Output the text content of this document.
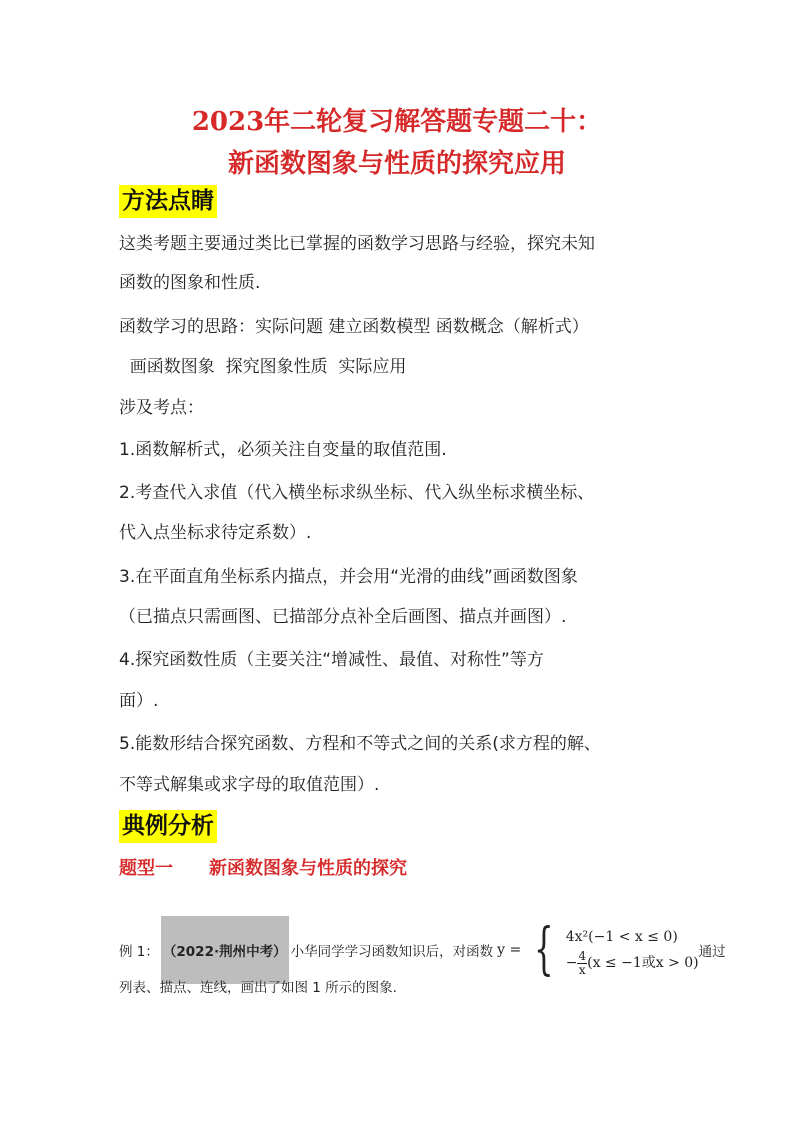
2023年二轮复习解答题专题二十：
新函数图象与性质的探究应用
方法点睛
这类考题主要通过类比已掌握的函数学习思路与经验，探究未知
函数的图象和性质.
函数学习的思路：实际问题 建立函数模型 函数概念（解析式）
画函数图象  探究图象性质  实际应用
涉及考点：
1.函数解析式，必须关注自变量的取值范围.
2.考查代入求值（代入横坐标求纵坐标、代入纵坐标求横坐标、
代入点坐标求待定系数）.
3.在平面直角坐标系内描点，并会用“光滑的曲线”画函数图象
（已描点只需画图、已描部分点补全后画图、描点并画图）.
4.探究函数性质（主要关注“增减性、最值、对称性”等方
面）.
5.能数形结合探究函数、方程和不等式之间的关系(求方程的解、
不等式解集或求字母的取值范围）.
典例分析
题型一 新函数图象与性质的探究
例 1： （2022·荆州中考） 小华同学学习函数知识后，对函数 y = { 4x²(−1 < x ≤ 0)
− $\frac{4}{x} (x \le -1$或x > 0)通过
列表、描点、连线，画出了如图 1 所示的图象.
